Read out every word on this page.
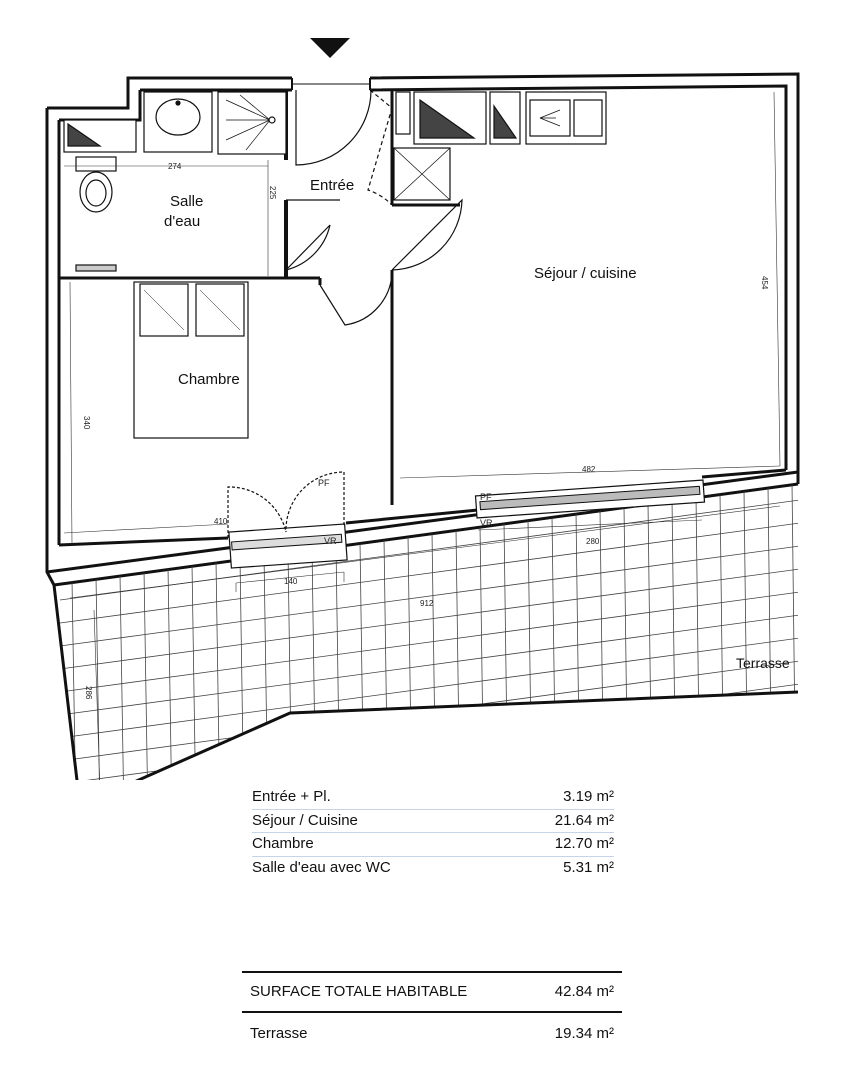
274
225
454
482
340
410
280
140
912
286
PF
VR
PF
VR
Salle
d'eau
Entrée
Séjour / cuisine
Chambre
Terrasse
Entrée + Pl.	3.19 m²
Séjour / Cuisine	21.64 m²
Chambre	12.70 m²
Salle d'eau avec WC	5.31 m²
SURFACE TOTALE HABITABLE	42.84 m²
Terrasse	19.34 m²
